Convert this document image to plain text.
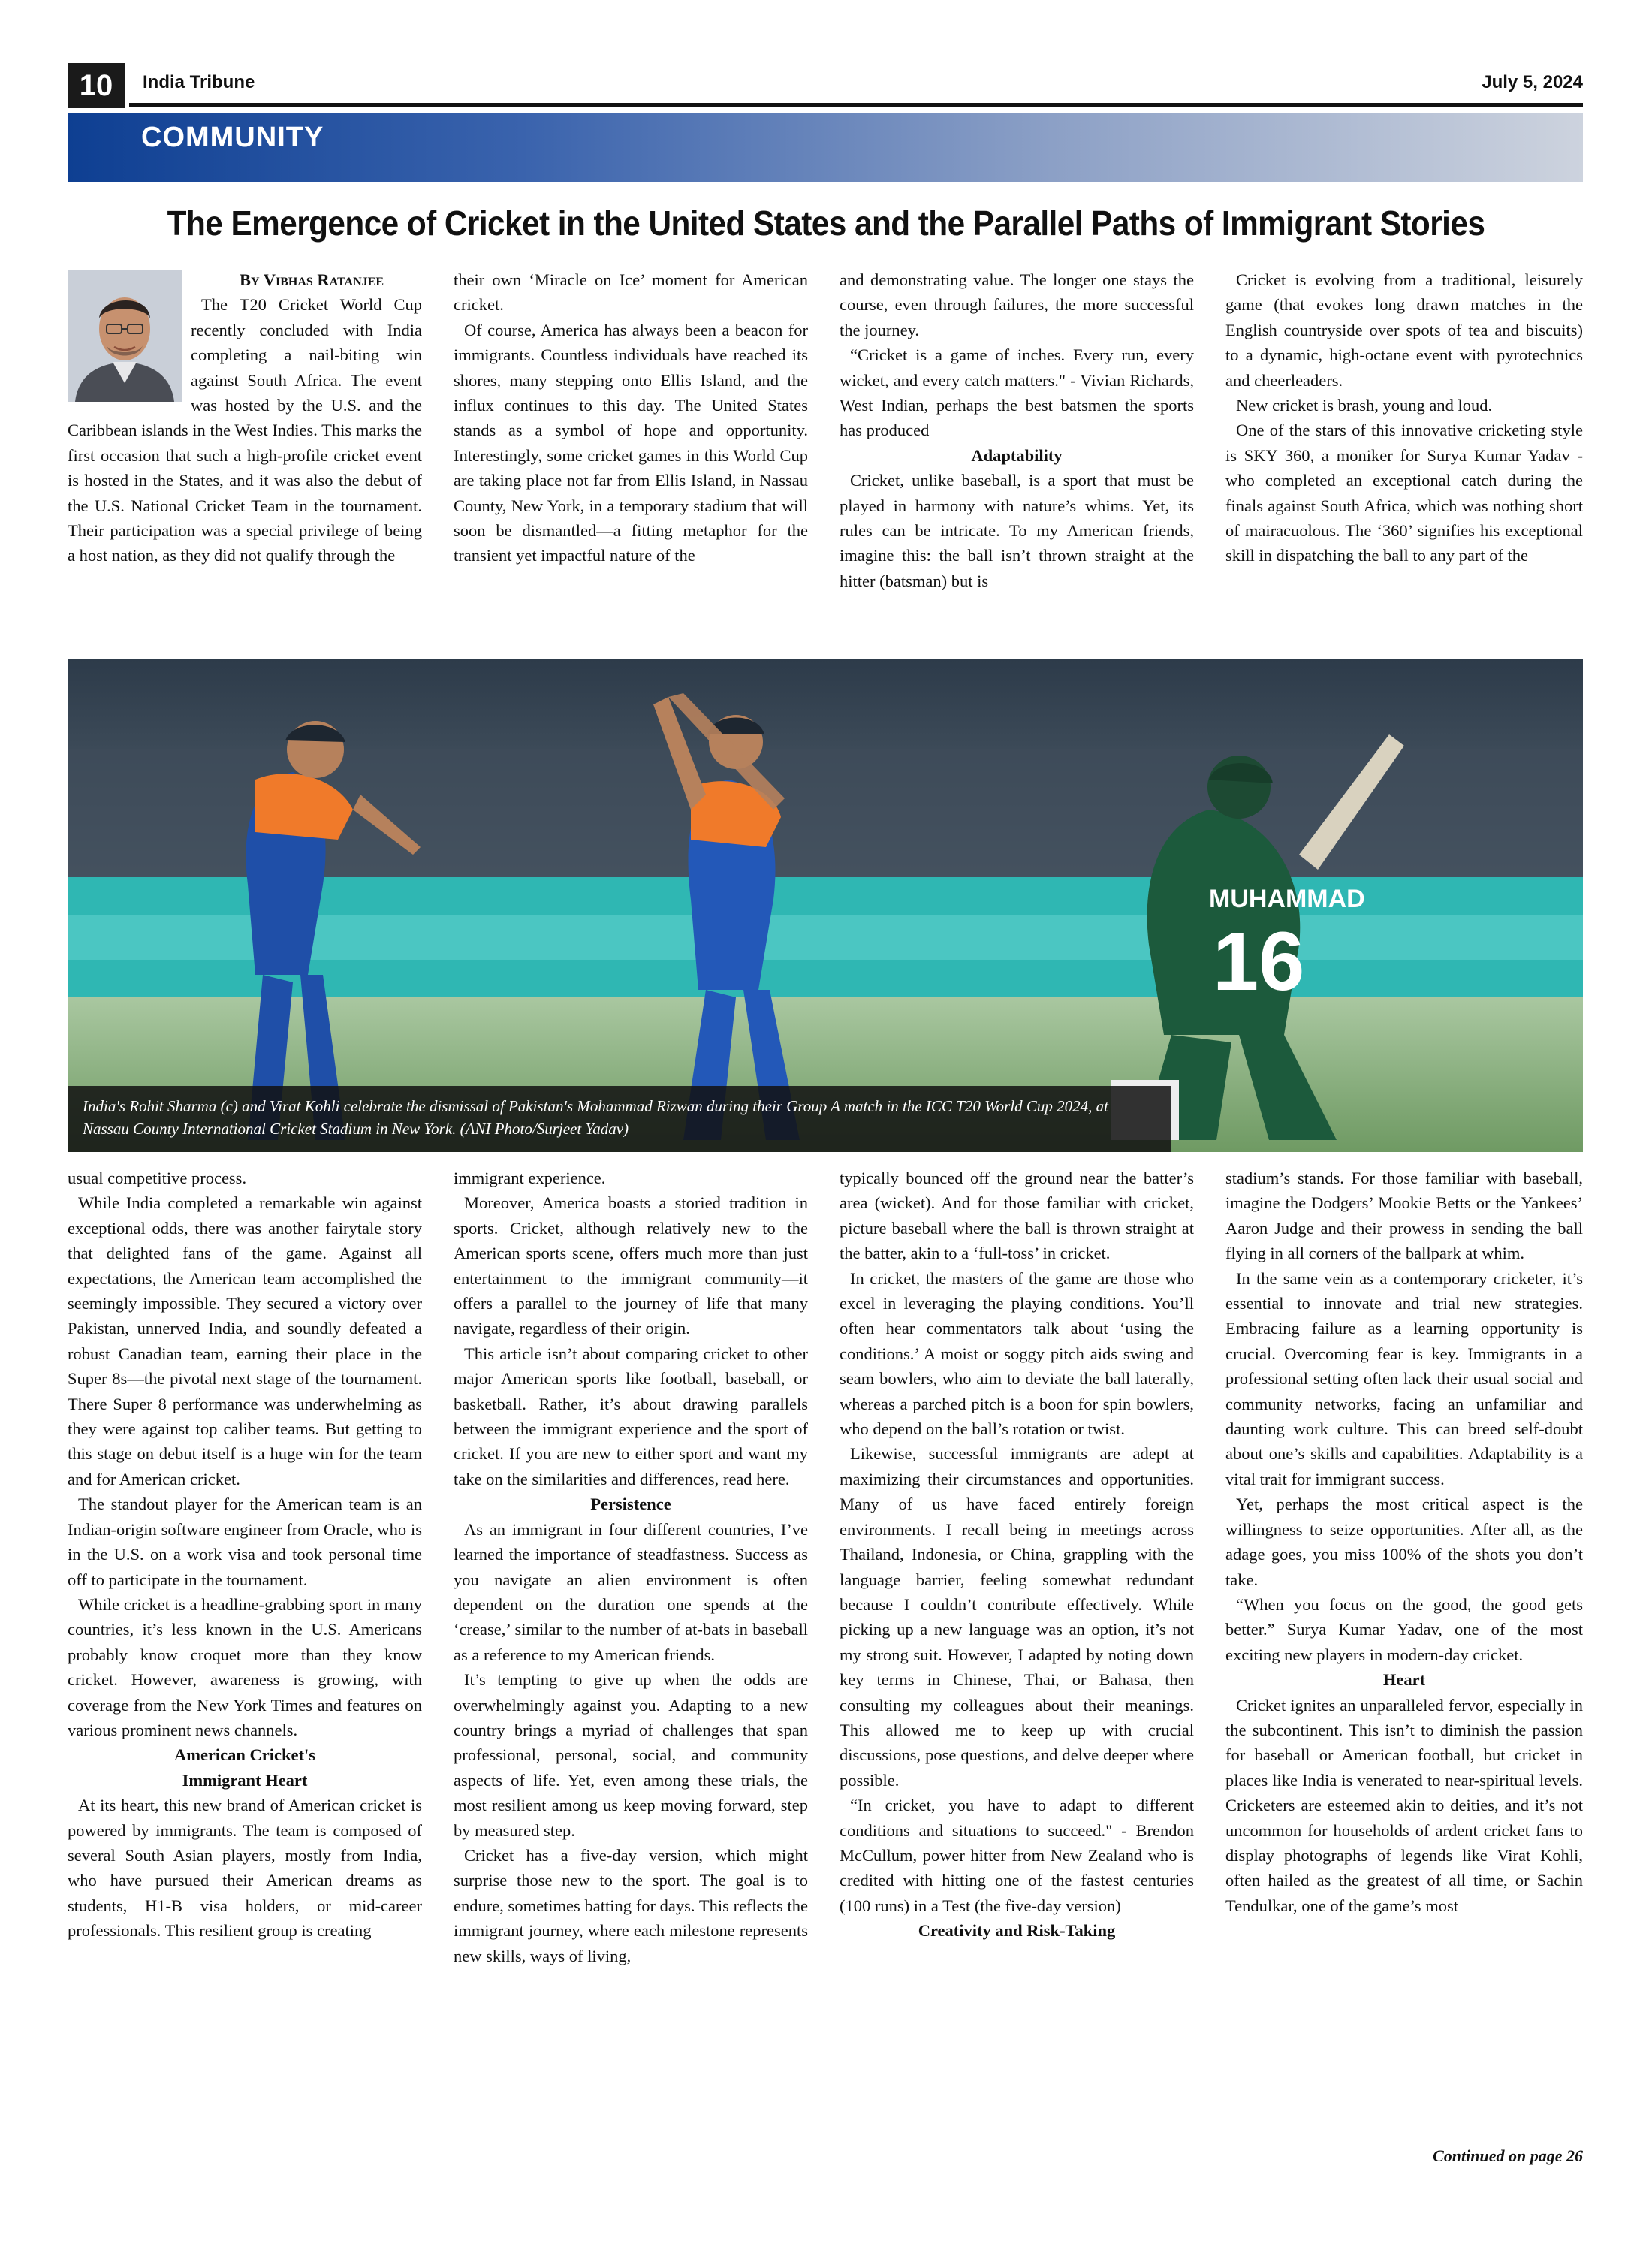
10	India Tribune	July 5, 2024
COMMUNITY
The Emergence of Cricket in the United States and the Parallel Paths of Immigrant Stories

By Vibhas Ratanjee

The T20 Cricket World Cup recently concluded with India completing a nail-biting win against South Africa. The event was hosted by the U.S. and the Caribbean islands in the West Indies. This marks the first occasion that such a high-profile cricket event is hosted in the States, and it was also the debut of the U.S. National Cricket Team in the tournament. Their participation was a special privilege of being a host nation, as they did not qualify through the

their own ‘Miracle on Ice’ moment for American cricket.

Of course, America has always been a beacon for immigrants. Countless individuals have reached its shores, many stepping onto Ellis Island, and the influx continues to this day. The United States stands as a symbol of hope and opportunity. Interestingly, some cricket games in this World Cup are taking place not far from Ellis Island, in Nassau County, New York, in a temporary stadium that will soon be dismantled—a fitting metaphor for the transient yet impactful nature of the

and demonstrating value. The longer one stays the course, even through failures, the more successful the journey.

“Cricket is a game of inches. Every run, every wicket, and every catch matters." - Vivian Richards, West Indian, perhaps the best batsmen the sports has produced

Adaptability

Cricket, unlike baseball, is a sport that must be played in harmony with nature’s whims. Yet, its rules can be intricate. To my American friends, imagine this: the ball isn’t thrown straight at the hitter (batsman) but is

Cricket is evolving from a traditional, leisurely game (that evokes long drawn matches in the English countryside over spots of tea and biscuits) to a dynamic, high-octane event with pyrotechnics and cheerleaders.

New cricket is brash, young and loud.

One of the stars of this innovative cricketing style is SKY 360, a moniker for Surya Kumar Yadav - who completed an exceptional catch during the finals against South Africa, which was nothing short of mairacuolous. The ‘360’ signifies his exceptional skill in dispatching the ball to any part of the

MUHAMMAD
16
India's Rohit Sharma (c) and Virat Kohli celebrate the dismissal of Pakistan's Mohammad Rizwan during their Group A match in the ICC T20 World Cup 2024, at Nassau County International Cricket Stadium in New York. (ANI Photo/Surjeet Yadav)

usual competitive process.

While India completed a remarkable win against exceptional odds, there was another fairytale story that delighted fans of the game. Against all expectations, the American team accomplished the seemingly impossible. They secured a victory over Pakistan, unnerved India, and soundly defeated a robust Canadian team, earning their place in the Super 8s—the pivotal next stage of the tournament. There Super 8 performance was underwhelming as they were against top caliber teams. But getting to this stage on debut itself is a huge win for the team and for American cricket.

The standout player for the American team is an Indian-origin software engineer from Oracle, who is in the U.S. on a work visa and took personal time off to participate in the tournament.

While cricket is a headline-grabbing sport in many countries, it’s less known in the U.S. Americans probably know croquet more than they know cricket. However, awareness is growing, with coverage from the New York Times and features on various prominent news channels.

American Cricket's

Immigrant Heart

At its heart, this new brand of American cricket is powered by immigrants. The team is composed of several South Asian players, mostly from India, who have pursued their American dreams as students, H1-B visa holders, or mid-career professionals. This resilient group is creating

immigrant experience.

Moreover, America boasts a storied tradition in sports. Cricket, although relatively new to the American sports scene, offers much more than just entertainment to the immigrant community—it offers a parallel to the journey of life that many navigate, regardless of their origin.

This article isn’t about comparing cricket to other major American sports like football, baseball, or basketball. Rather, it’s about drawing parallels between the immigrant experience and the sport of cricket. If you are new to either sport and want my take on the similarities and differences, read here.

Persistence

As an immigrant in four different countries, I’ve learned the importance of steadfastness. Success as you navigate an alien environment is often dependent on the duration one spends at the ‘crease,’ similar to the number of at-bats in baseball as a reference to my American friends.

It’s tempting to give up when the odds are overwhelmingly against you. Adapting to a new country brings a myriad of challenges that span professional, personal, social, and community aspects of life. Yet, even among these trials, the most resilient among us keep moving forward, step by measured step.

Cricket has a five-day version, which might surprise those new to the sport. The goal is to endure, sometimes batting for days. This reflects the immigrant journey, where each milestone represents new skills, ways of living,

typically bounced off the ground near the batter’s area (wicket). And for those familiar with cricket, picture baseball where the ball is thrown straight at the batter, akin to a ‘full-toss’ in cricket.

In cricket, the masters of the game are those who excel in leveraging the playing conditions. You’ll often hear commentators talk about ‘using the conditions.’ A moist or soggy pitch aids swing and seam bowlers, who aim to deviate the ball laterally, whereas a parched pitch is a boon for spin bowlers, who depend on the ball’s rotation or twist.

Likewise, successful immigrants are adept at maximizing their circumstances and opportunities. Many of us have faced entirely foreign environments. I recall being in meetings across Thailand, Indonesia, or China, grappling with the language barrier, feeling somewhat redundant because I couldn’t contribute effectively. While picking up a new language was an option, it’s not my strong suit. However, I adapted by noting down key terms in Chinese, Thai, or Bahasa, then consulting my colleagues about their meanings. This allowed me to keep up with crucial discussions, pose questions, and delve deeper where possible.

“In cricket, you have to adapt to different conditions and situations to succeed." - Brendon McCullum, power hitter from New Zealand who is credited with hitting one of the fastest centuries (100 runs) in a Test (the five-day version)

Creativity and Risk-Taking

stadium’s stands. For those familiar with baseball, imagine the Dodgers’ Mookie Betts or the Yankees’ Aaron Judge and their prowess in sending the ball flying in all corners of the ballpark at whim.

In the same vein as a contemporary cricketer, it’s essential to innovate and trial new strategies. Embracing failure as a learning opportunity is crucial. Overcoming fear is key. Immigrants in a professional setting often lack their usual social and community networks, facing an unfamiliar and daunting work culture. This can breed self-doubt about one’s skills and capabilities. Adaptability is a vital trait for immigrant success.

Yet, perhaps the most critical aspect is the willingness to seize opportunities. After all, as the adage goes, you miss 100% of the shots you don’t take.

“When you focus on the good, the good gets better.” Surya Kumar Yadav, one of the most exciting new players in modern-day cricket.

Heart

Cricket ignites an unparalleled fervor, especially in the subcontinent. This isn’t to diminish the passion for baseball or American football, but cricket in places like India is venerated to near-spiritual levels. Cricketers are esteemed akin to deities, and it’s not uncommon for households of ardent cricket fans to display photographs of legends like Virat Kohli, often hailed as the greatest of all time, or Sachin Tendulkar, one of the game’s most

Continued on page 26
